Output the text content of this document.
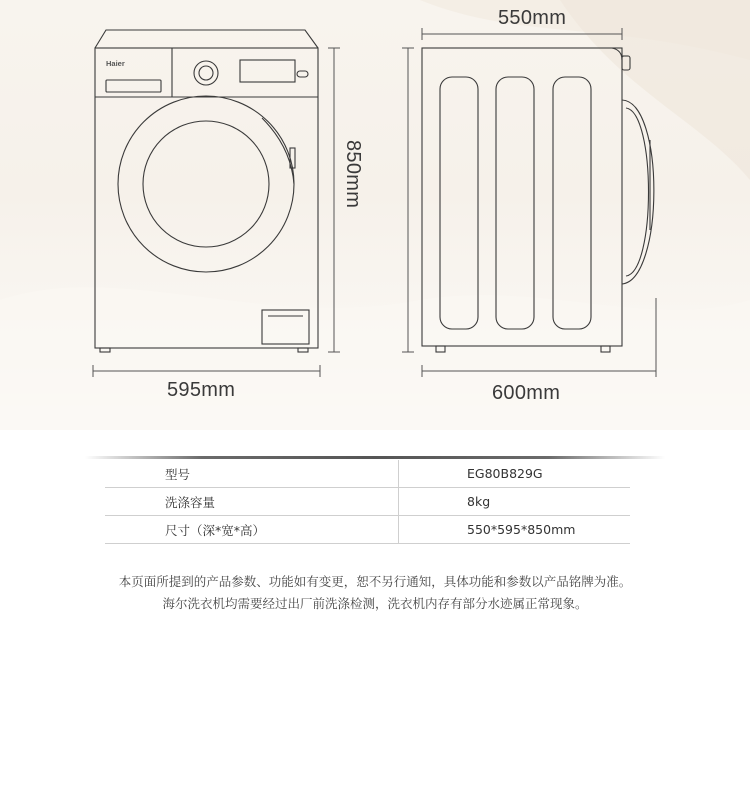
Haier
550mm
595mm	600mm
850mm
型号	EG80B829G
洗涤容量	8kg
尺寸（深*宽*高）	550*595*850mm
本页面所提到的产品参数、功能如有变更，恕不另行通知，具体功能和参数以产品铭牌为准。
海尔洗衣机均需要经过出厂前洗涤检测，洗衣机内存有部分水迹属正常现象。
